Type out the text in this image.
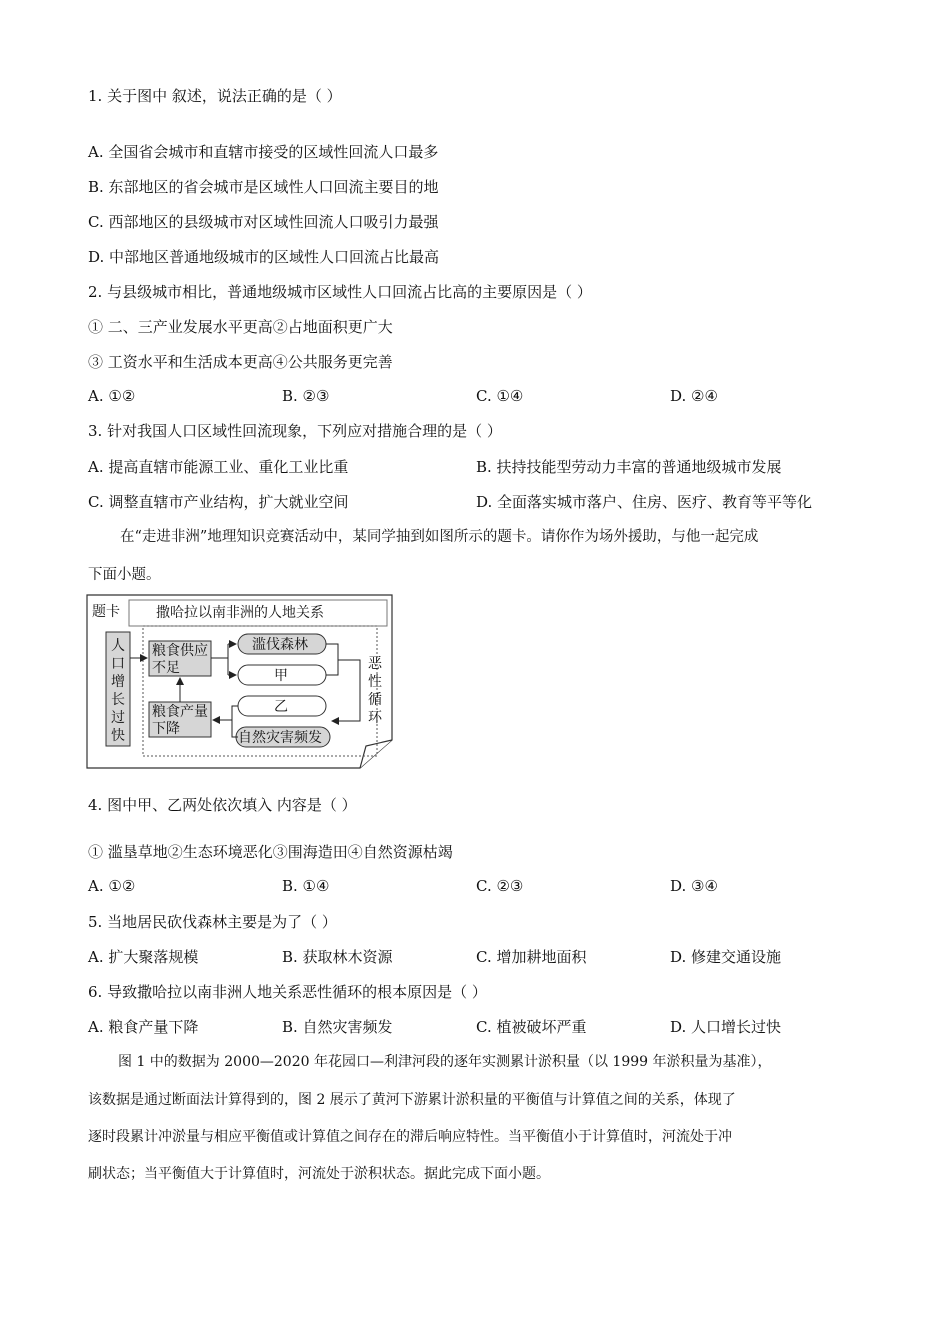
1. 关于图中 叙述，说法正确的是（ ）
A. 全国省会城市和直辖市接受的区域性回流人口最多
B. 东部地区的省会城市是区域性人口回流主要目的地
C. 西部地区的县级城市对区域性回流人口吸引力最强
D. 中部地区普通地级城市的区域性人口回流占比最高
2. 与县级城市相比，普通地级城市区域性人口回流占比高的主要原因是（ ）
① 二、三产业发展水平更高②占地面积更广大
③ 工资水平和生活成本更高④公共服务更完善
A. ①②	B. ②③	C. ①④	D. ②④
3. 针对我国人口区域性回流现象，下列应对措施合理的是（ ）
A. 提高直辖市能源工业、重化工业比重	B. 扶持技能型劳动力丰富的普通地级城市发展
C. 调整直辖市产业结构，扩大就业空间	D. 全面落实城市落户、住房、医疗、教育等平等化
在“走进非洲”地理知识竞赛活动中，某同学抽到如图所示的题卡。请你作为场外援助，与他一起完成
下面小题。
题卡	撒哈拉以南非洲的人地关系
人
口
增
长
过
快
粮食供应
不足
粮食产量
下降
滥伐森林
甲
乙
自然灾害频发
恶
性
循
环
4. 图中甲、乙两处依次填入 内容是（ ）
① 滥垦草地②生态环境恶化③围海造田④自然资源枯竭
A. ①②	B. ①④	C. ②③	D. ③④
5. 当地居民砍伐森林主要是为了（ ）
A. 扩大聚落规模	B. 获取林木资源	C. 增加耕地面积	D. 修建交通设施
6. 导致撒哈拉以南非洲人地关系恶性循环的根本原因是（ ）
A. 粮食产量下降	B. 自然灾害频发	C. 植被破坏严重	D. 人口增长过快
图 1 中的数据为 2000—2020 年花园口—利津河段的逐年实测累计淤积量（以 1999 年淤积量为基准），
该数据是通过断面法计算得到的，图 2 展示了黄河下游累计淤积量的平衡值与计算值之间的关系，体现了
逐时段累计冲淤量与相应平衡值或计算值之间存在的滞后响应特性。当平衡值小于计算值时，河流处于冲
刷状态；当平衡值大于计算值时，河流处于淤积状态。据此完成下面小题。
